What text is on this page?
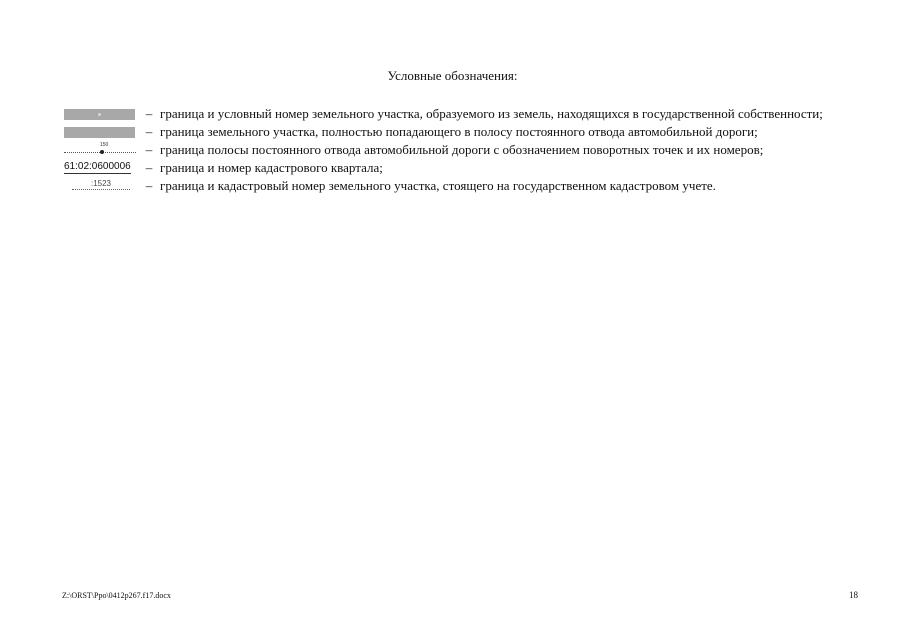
Условные обозначения:
– граница и условный номер земельного участка, образуемого из земель, находящихся в государственной собственности;
– граница земельного участка, полностью попадающего в полосу постоянного отвода автомобильной дороги;
150	– граница полосы постоянного отвода автомобильной дороги с обозначением поворотных точек и их номеров;
61:02:0600006	– граница и номер кадастрового квартала;
:1523	– граница и кадастровый номер земельного участка, стоящего на государственном кадастровом учете.
Z:\ORST\Ppo\0412p267.f17.docx	18
